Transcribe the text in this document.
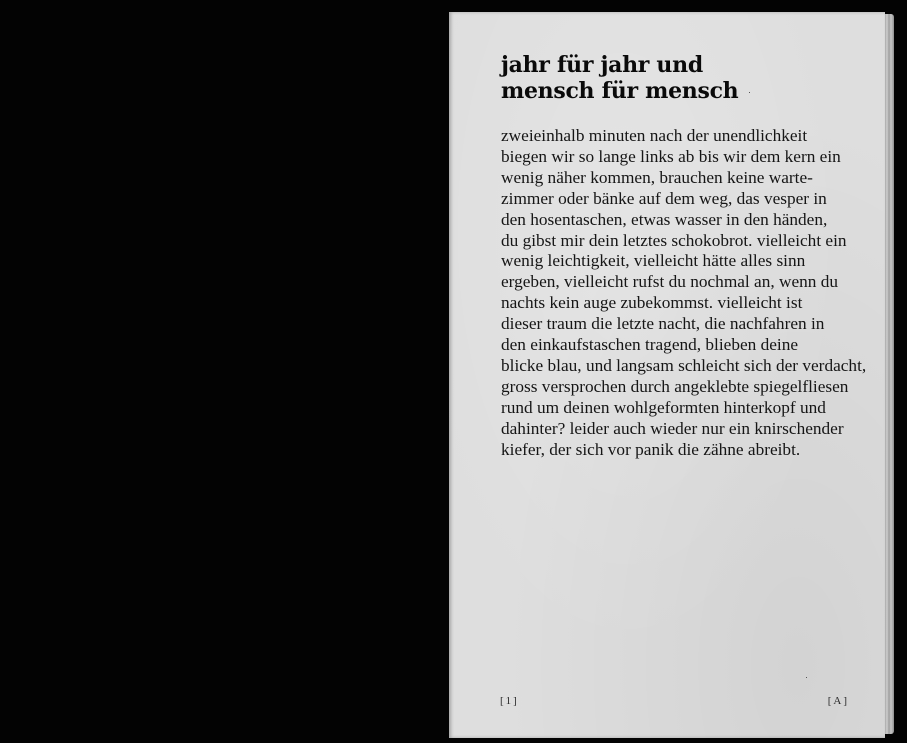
jahr für jahr und
mensch für mensch

zweieinhalb minuten nach der unendlichkeit
biegen wir so lange links ab bis wir dem kern ein
wenig näher kommen, brauchen keine warte-
zimmer oder bänke auf dem weg, das vesper in
den hosentaschen, etwas wasser in den händen,
du gibst mir dein letztes schokobrot. vielleicht ein
wenig leichtigkeit, vielleicht hätte alles sinn
ergeben, vielleicht rufst du nochmal an, wenn du
nachts kein auge zubekommst. vielleicht ist
dieser traum die letzte nacht, die nachfahren in
den einkaufstaschen tragend, blieben deine
blicke blau, und langsam schleicht sich der verdacht,
gross versprochen durch angeklebte spiegelfliesen
rund um deinen wohlgeformten hinterkopf und
dahinter? leider auch wieder nur ein knirschender
kiefer, der sich vor panik die zähne abreibt.

[1]	[A]
